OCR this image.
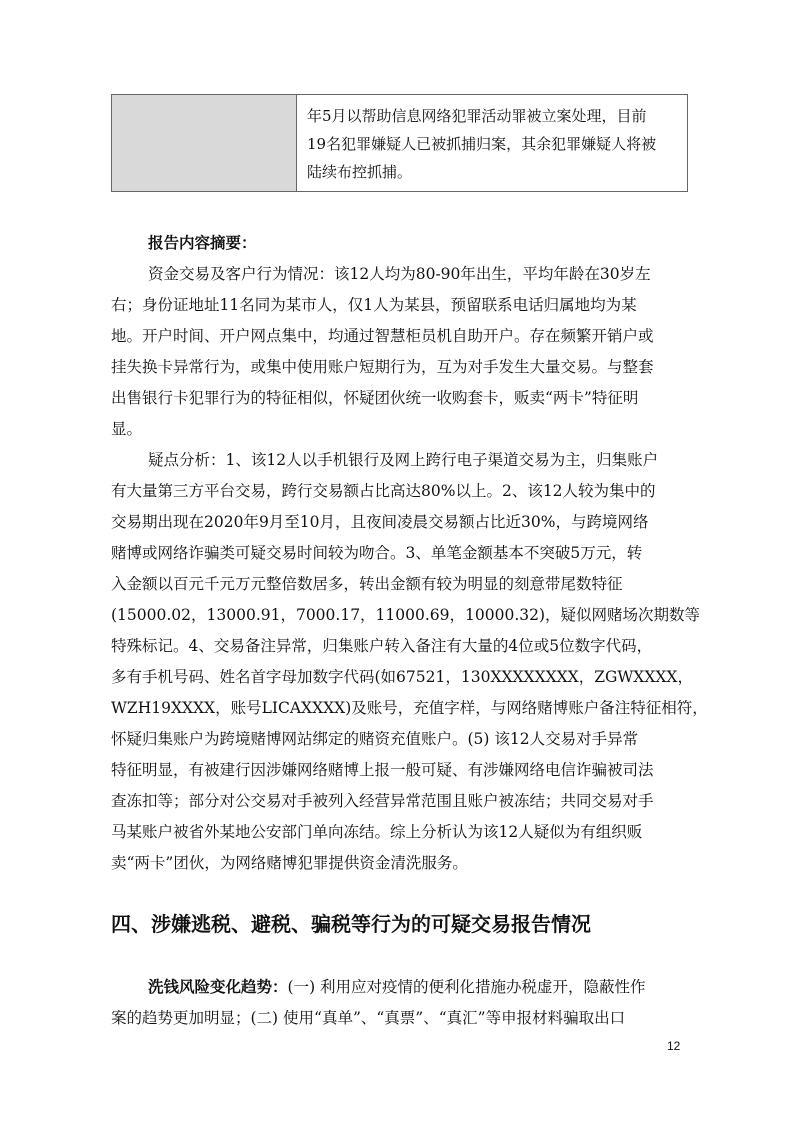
年5月以帮助信息网络犯罪活动罪被立案处理，目前

19名犯罪嫌疑人已被抓捕归案，其余犯罪嫌疑人将被

陆续布控抓捕。

报告内容摘要：

资金交易及客户行为情况：该12人均为80-90年出生，平均年龄在30岁左

右；身份证地址11名同为某市人，仅1人为某县，预留联系电话归属地均为某

地。开户时间、开户网点集中，均通过智慧柜员机自助开户。存在频繁开销户或

挂失换卡异常行为，或集中使用账户短期行为，互为对手发生大量交易。与整套

出售银行卡犯罪行为的特征相似，怀疑团伙统一收购套卡，贩卖“两卡”特征明

显。

疑点分析：1、该12人以手机银行及网上跨行电子渠道交易为主，归集账户

有大量第三方平台交易，跨行交易额占比高达80%以上。2、该12人较为集中的

交易期出现在2020年9月至10月，且夜间凌晨交易额占比近30%，与跨境网络

赌博或网络诈骗类可疑交易时间较为吻合。3、单笔金额基本不突破5万元，转

入金额以百元千元万元整倍数居多，转出金额有较为明显的刻意带尾数特征

(15000.02，13000.91，7000.17，11000.69，10000.32)，疑似网赌场次期数等

特殊标记。4、交易备注异常，归集账户转入备注有大量的4位或5位数字代码，

多有手机号码、姓名首字母加数字代码(如67521，130XXXXXXXX，ZGWXXXX，

WZH19XXXX，账号LICAXXXX)及账号，充值字样，与网络赌博账户备注特征相符，

怀疑归集账户为跨境赌博网站绑定的赌资充值账户。(5) 该12人交易对手异常

特征明显，有被建行因涉嫌网络赌博上报一般可疑、有涉嫌网络电信诈骗被司法

查冻扣等；部分对公交易对手被列入经营异常范围且账户被冻结；共同交易对手

马某账户被省外某地公安部门单向冻结。综上分析认为该12人疑似为有组织贩

卖“两卡”团伙，为网络赌博犯罪提供资金清洗服务。

四、涉嫌逃税、避税、骗税等行为的可疑交易报告情况

洗钱风险变化趋势：(一) 利用应对疫情的便利化措施办税虚开，隐蔽性作

案的趋势更加明显；(二) 使用“真单”、“真票”、“真汇”等申报材料骗取出口

12
